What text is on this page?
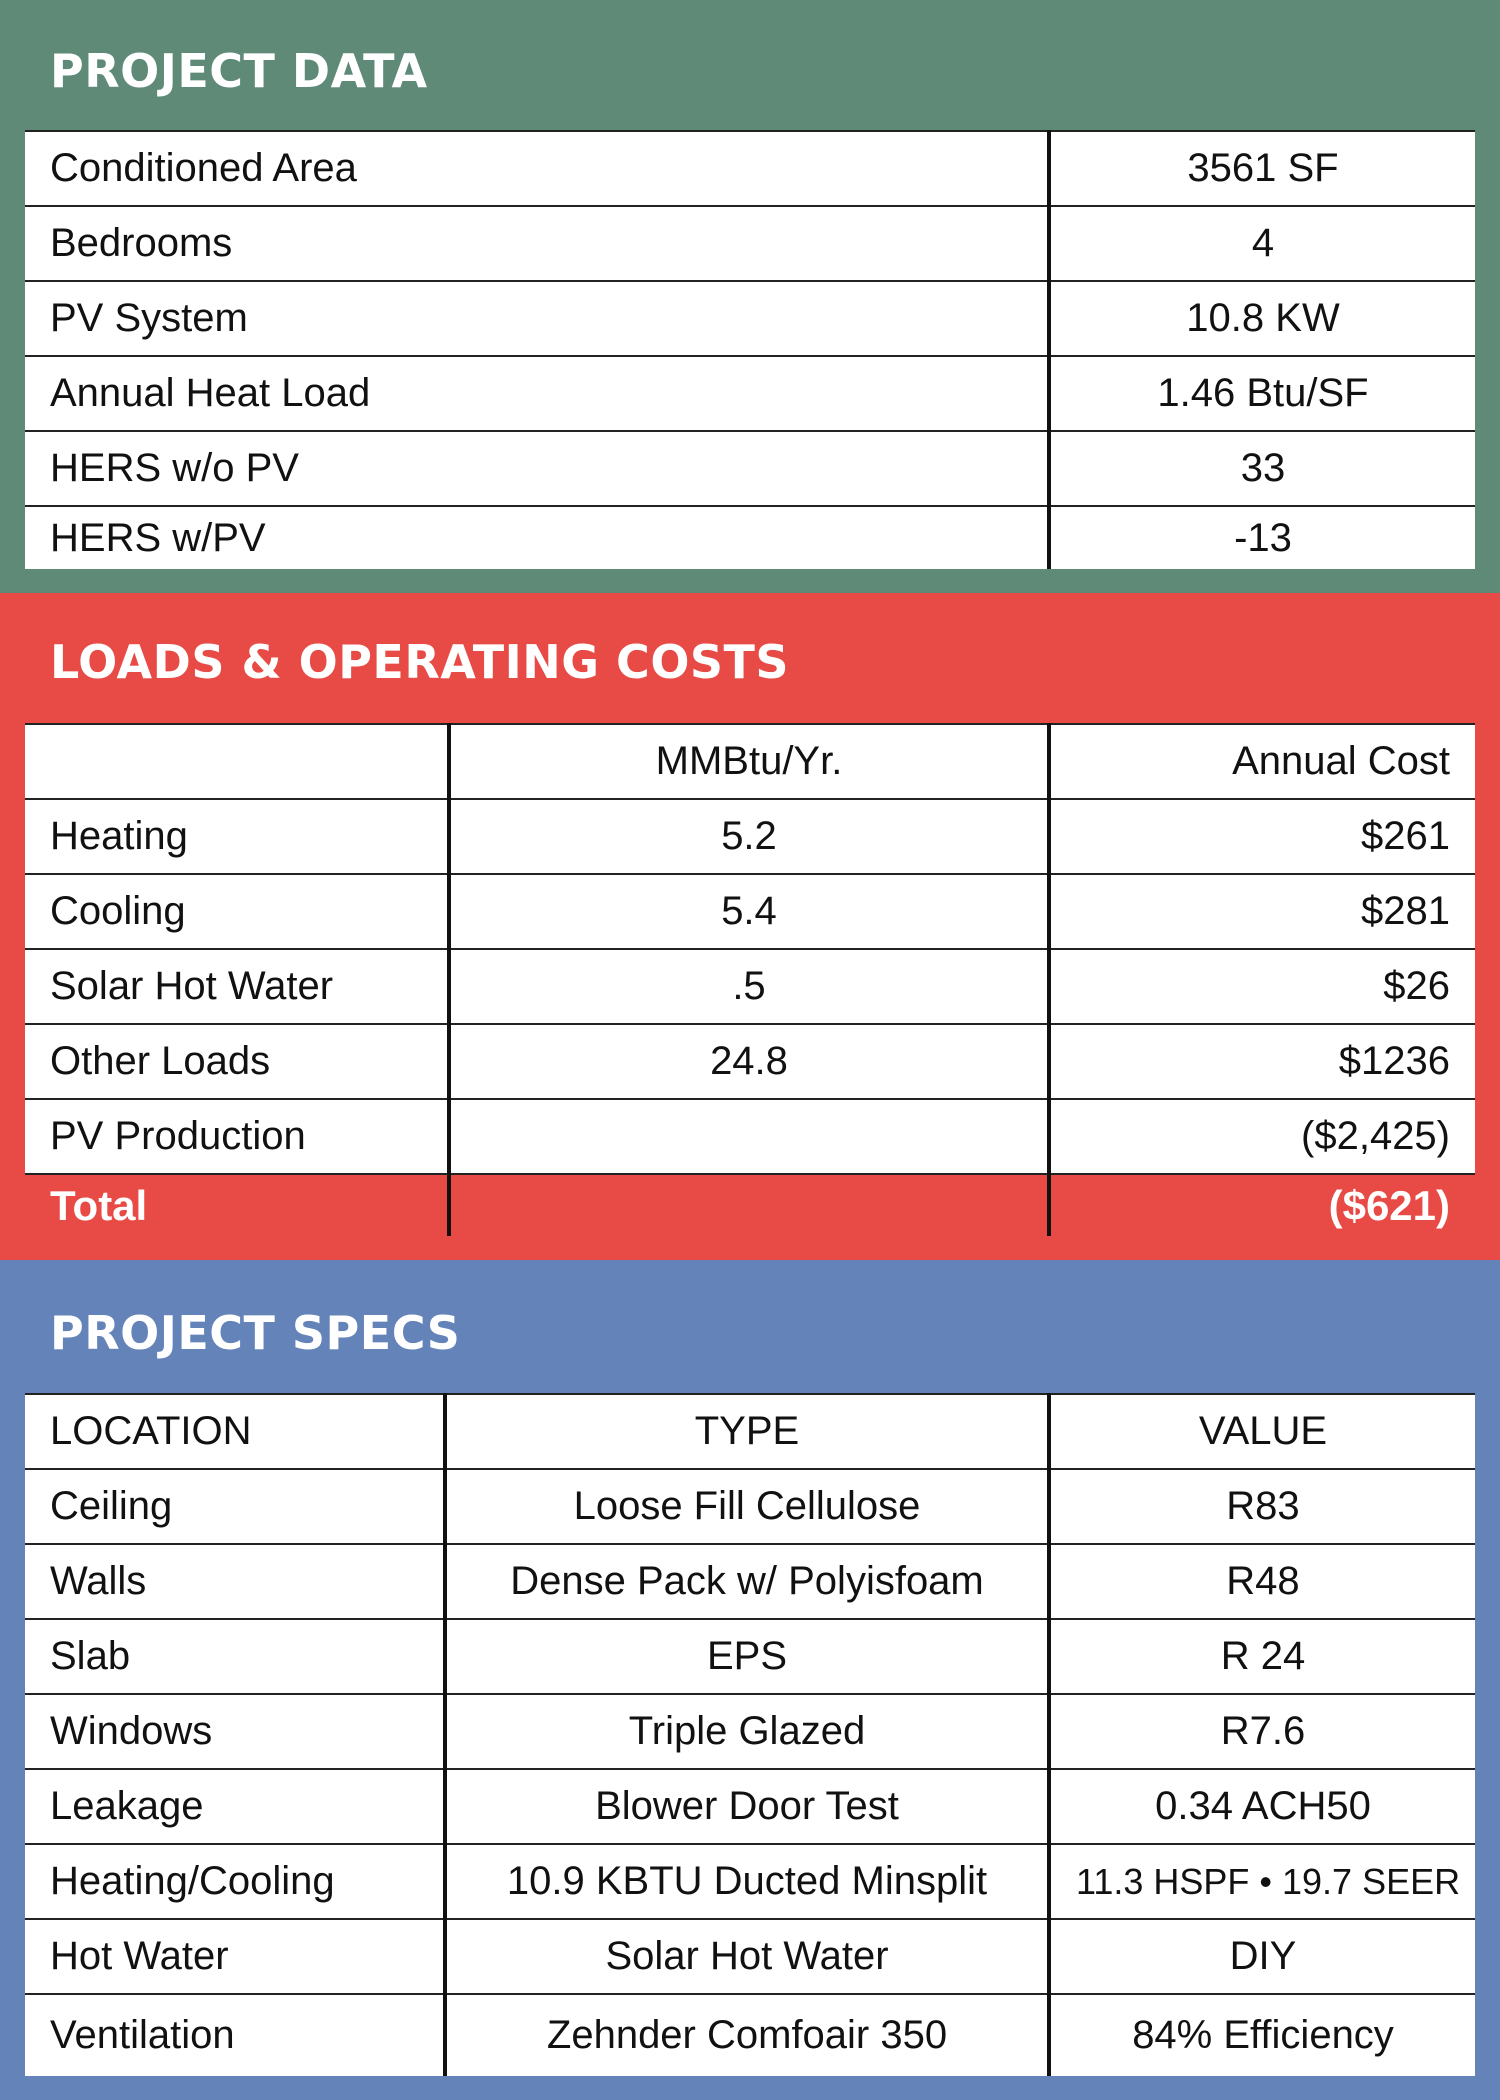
PROJECT DATA
Conditioned Area	3561 SF
Bedrooms	4
PV System	10.8 KW
Annual Heat Load	1.46 Btu/SF
HERS w/o PV	33
HERS w/PV	-13
LOADS & OPERATING COSTS
	MMBtu/Yr.	Annual Cost
Heating	5.2	$261
Cooling	5.4	$281
Solar Hot Water	.5	$26
Other Loads	24.8	$1236
PV Production		($2,425)
Total		($621)
PROJECT SPECS
LOCATION	TYPE	VALUE
Ceiling	Loose Fill Cellulose	R83
Walls	Dense Pack w/ Polyisfoam	R48
Slab	EPS	R 24
Windows	Triple Glazed	R7.6
Leakage	Blower Door Test	0.34 ACH50
Heating/Cooling	10.9 KBTU Ducted Minsplit	11.3 HSPF • 19.7 SEER
Hot Water	Solar Hot Water	DIY
Ventilation	Zehnder Comfoair 350	84% Efficiency
